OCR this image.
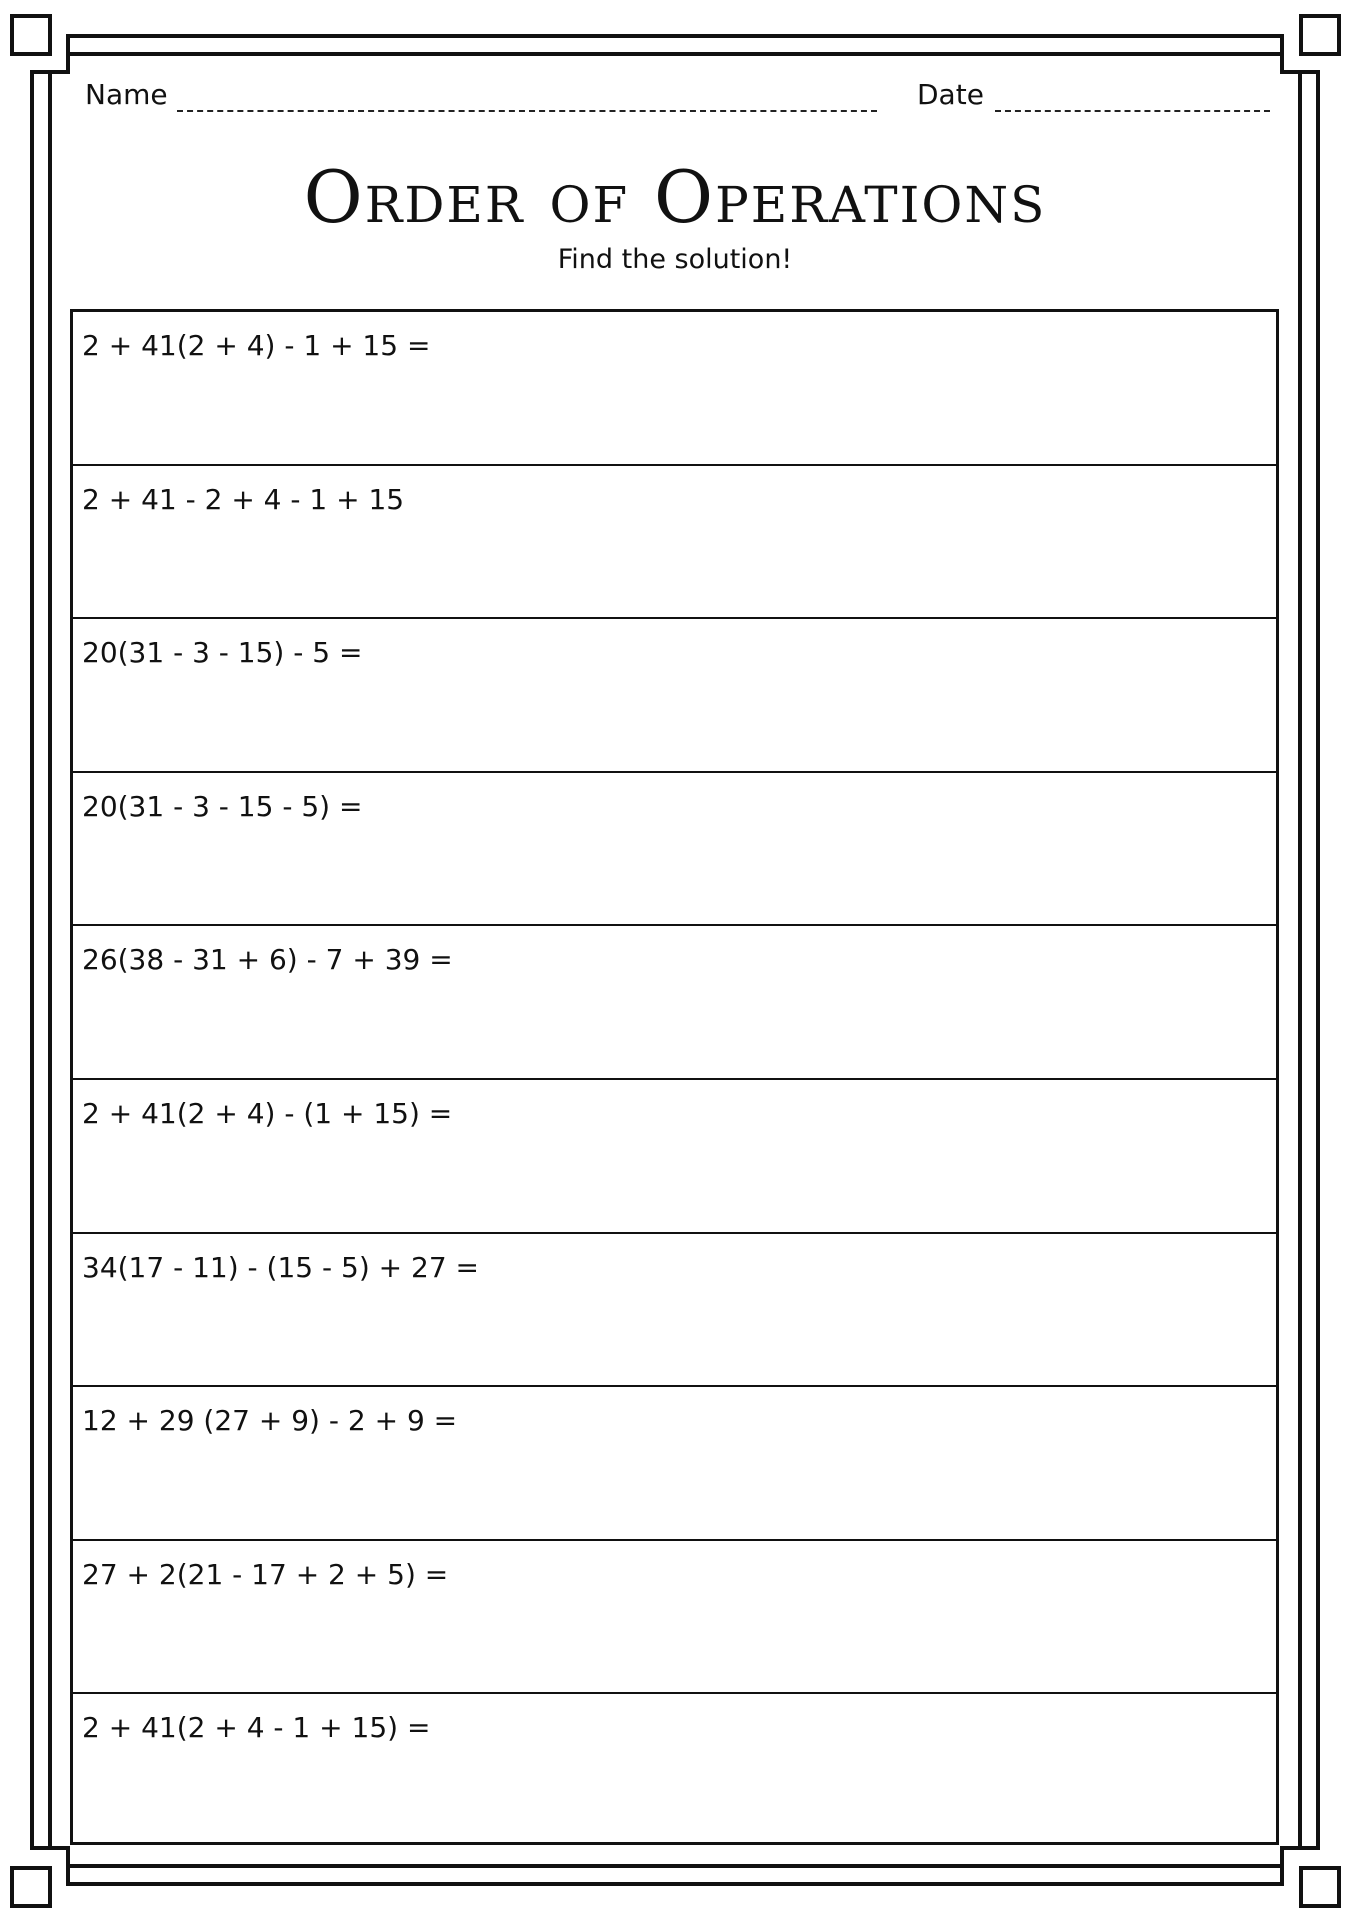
Name	Date
Order of Operations
Find the solution!
2 + 41(2 + 4) - 1 + 15 =
2 + 41 - 2 + 4 - 1 + 15
20(31 - 3 - 15) - 5 =
20(31 - 3 - 15 - 5) =
26(38 - 31 + 6) - 7 + 39 =
2 + 41(2 + 4) - (1 + 15) =
34(17 - 11) - (15 - 5) + 27 =
12 + 29 (27 + 9) - 2 + 9 =
27 + 2(21 - 17 + 2 + 5) =
2 + 41(2 + 4 - 1 + 15) =
